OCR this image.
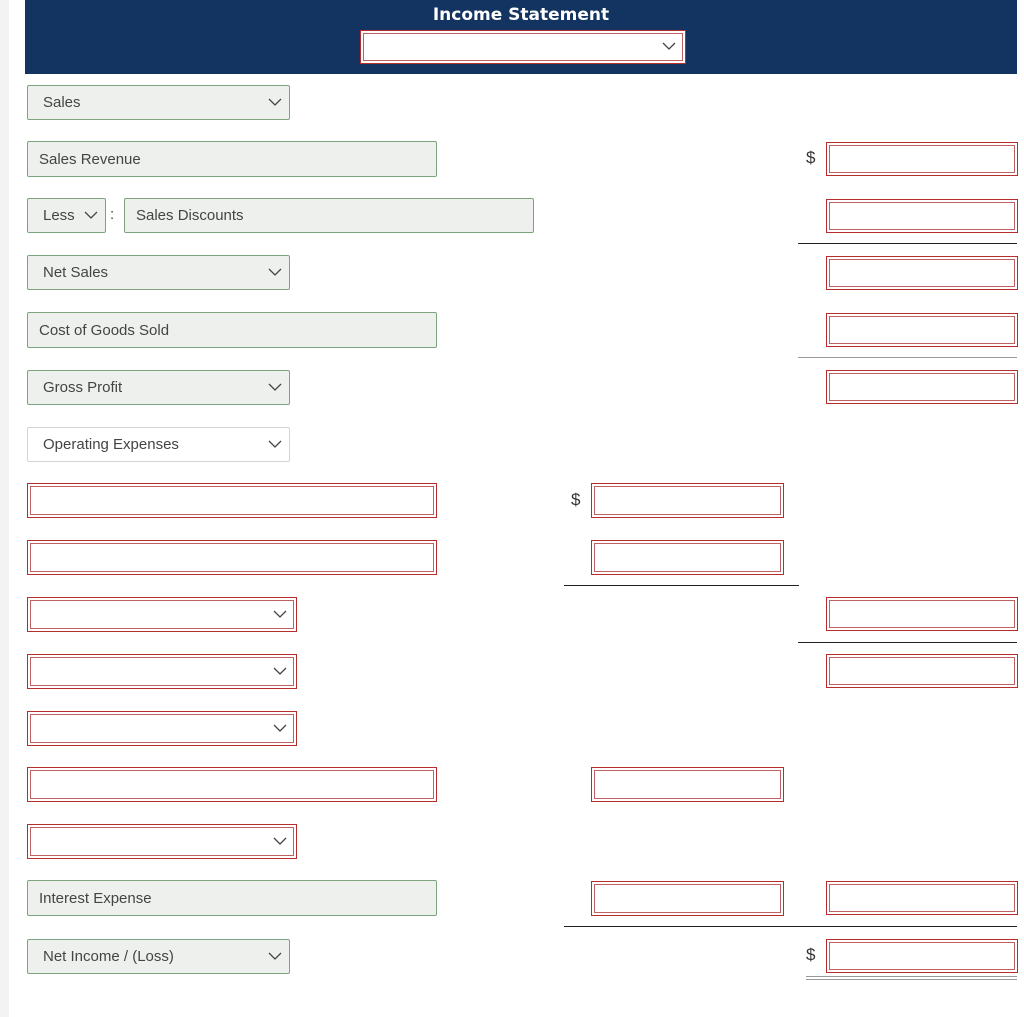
Income Statement
Sales
Sales Revenue	$
Less : Sales Discounts
Net Sales
Cost of Goods Sold
Gross Profit
Operating Expenses
$
Interest Expense
Net Income / (Loss)	$
